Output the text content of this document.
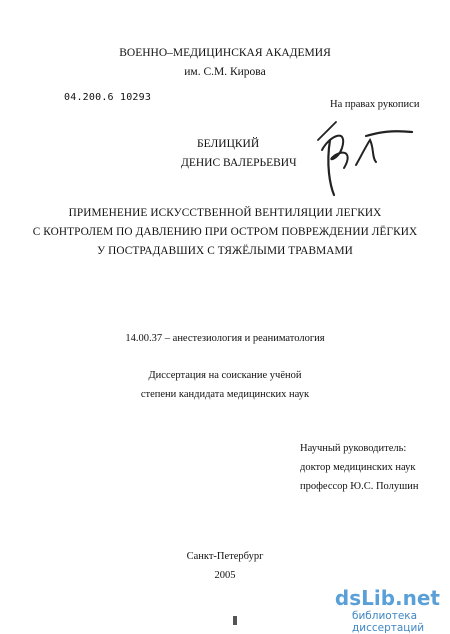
ВОЕННО–МЕДИЦИНСКАЯ АКАДЕМИЯ
им. С.М. Кирова
04.200.6 10293
На правах рукописи
БЕЛИЦКИЙ
ДЕНИС ВАЛЕРЬЕВИЧ
ПРИМЕНЕНИЕ ИСКУССТВЕННОЙ ВЕНТИЛЯЦИИ ЛЕГКИХ
С КОНТРОЛЕМ ПО ДАВЛЕНИЮ ПРИ ОСТРОМ ПОВРЕЖДЕНИИ ЛЁГКИХ
У ПОСТРАДАВШИХ С ТЯЖЁЛЫМИ ТРАВМАМИ
14.00.37 – анестезиология и реаниматология
Диссертация на соискание учёной
степени кандидата медицинских наук
Научный руководитель:
доктор медицинских наук
профессор Ю.С. Полушин
Санкт-Петербург
2005
dsLib.net
библиотека диссертаций
